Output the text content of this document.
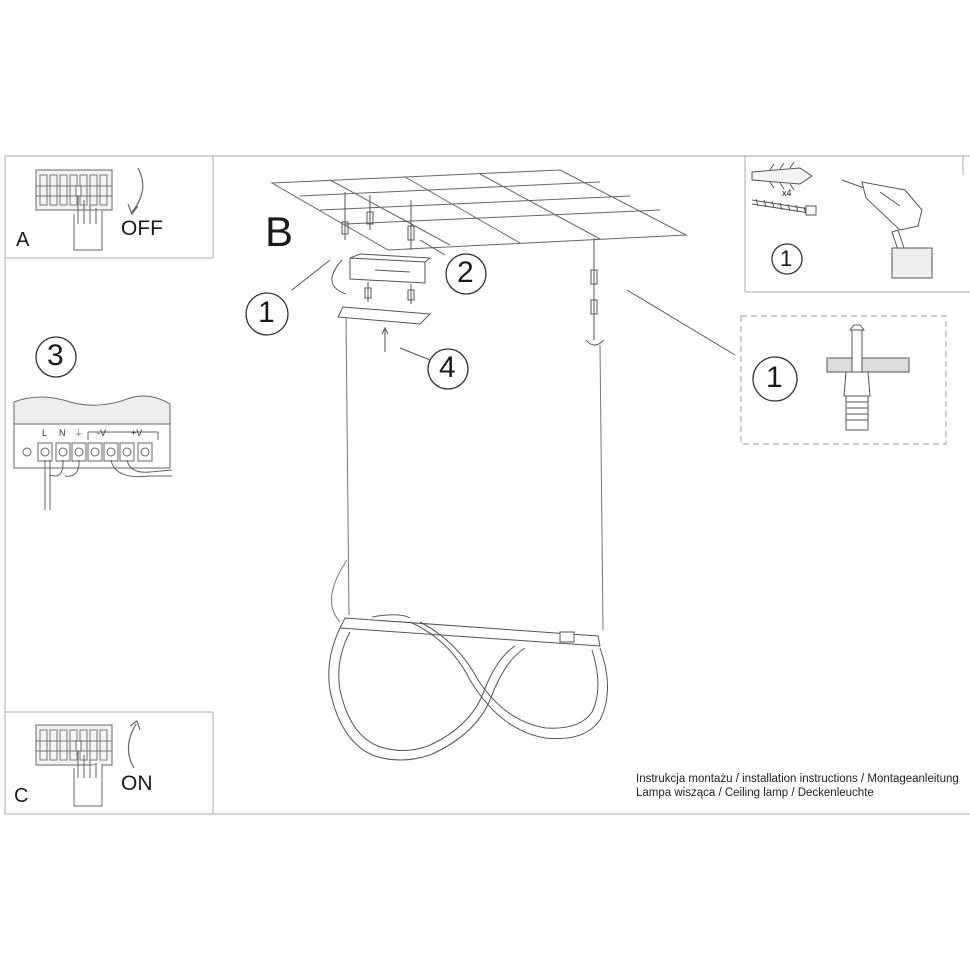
L N ⏚ -V	+V
A	OFF B
C
ON
1
2
3	4
1
1
x4
Instrukcja montażu / installation instructions / Montageanleitung
Lampa wisząca / Ceiling lamp / Deckenleuchte
